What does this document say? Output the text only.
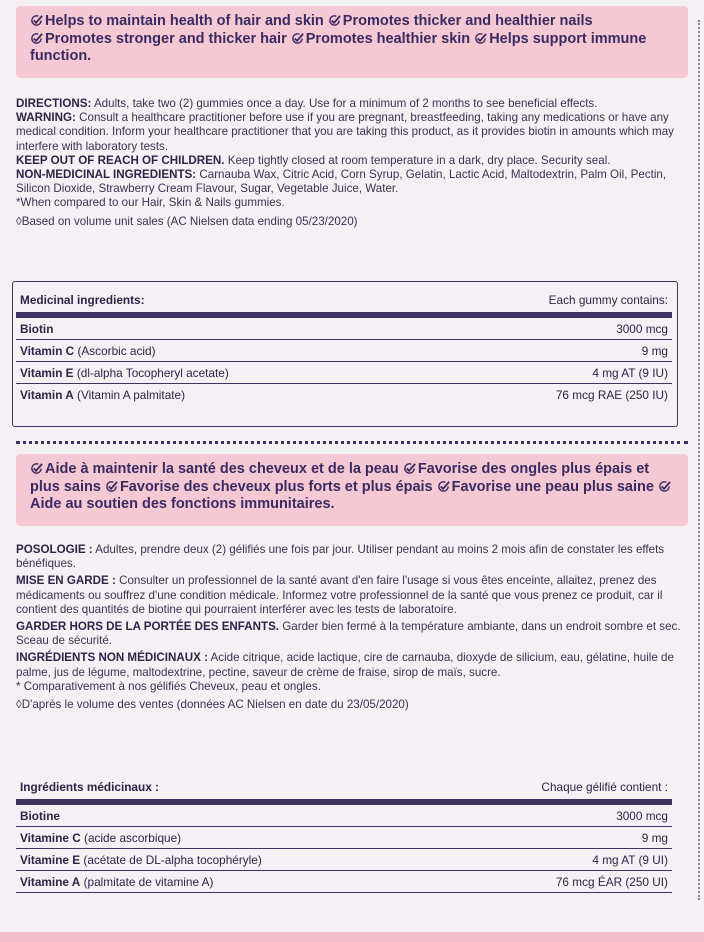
Helps to maintain health of hair and skin Promotes thicker and healthier nails
Promotes stronger and thicker hair Promotes healthier skin Helps support immune function.

DIRECTIONS: Adults, take two (2) gummies once a day. Use for a minimum of 2 months to see beneficial effects.

WARNING: Consult a healthcare practitioner before use if you are pregnant, breastfeeding, taking any medications or have any medical condition. Inform your healthcare practitioner that you are taking this product, as it provides biotin in amounts which may interfere with laboratory tests.

KEEP OUT OF REACH OF CHILDREN. Keep tightly closed at room temperature in a dark, dry place. Security seal.

NON-MEDICINAL INGREDIENTS: Carnauba Wax, Citric Acid, Corn Syrup, Gelatin, Lactic Acid, Maltodextrin, Palm Oil, Pectin, Silicon Dioxide, Strawberry Cream Flavour, Sugar, Vegetable Juice, Water.

*When compared to our Hair, Skin & Nails gummies.

◊Based on volume unit sales (AC Nielsen data ending 05/23/2020)

Medicinal ingredients:	Each gummy contains:
Biotin	3000 mcg
Vitamin C (Ascorbic acid)	9 mg
Vitamin E (dl-alpha Tocopheryl acetate)	4 mg AT (9 IU)
Vitamin A (Vitamin A palmitate)	76 mcg RAE (250 IU)
Aide à maintenir la santé des cheveux et de la peau Favorise des ongles plus épais et plus sains Favorise des cheveux plus forts et plus épais Favorise une peau plus saine Aide au soutien des fonctions immunitaires.

POSOLOGIE : Adultes, prendre deux (2) gélifiés une fois par jour. Utiliser pendant au moins 2 mois afin de constater les effets bénéfiques.

MISE EN GARDE : Consulter un professionnel de la santé avant d'en faire l'usage si vous êtes enceinte, allaitez, prenez des médicaments ou souffrez d'une condition médicale. Informez votre professionnel de la santé que vous prenez ce produit, car il contient des quantités de biotine qui pourraient interférer avec les tests de laboratoire.

GARDER HORS DE LA PORTÉE DES ENFANTS. Garder bien fermé à la température ambiante, dans un endroit sombre et sec. Sceau de sécurité.

INGRÉDIENTS NON MÉDICINAUX : Acide citrique, acide lactique, cire de carnauba, dioxyde de silicium, eau, gélatine, huile de palme, jus de légume, maltodextrine, pectine, saveur de crème de fraise, sirop de maïs, sucre.

* Comparativement à nos gélifiés Cheveux, peau et ongles.

◊D'après le volume des ventes (données AC Nielsen en date du 23/05/2020)

Ingrédients médicinaux :	Chaque gélifié contient :
Biotine	3000 mcg
Vitamine C (acide ascorbique)	9 mg
Vitamine E (acétate de DL-alpha tocophéryle)	4 mg AT (9 UI)
Vitamine A (palmitate de vitamine A)	76 mcg ÉAR (250 UI)
